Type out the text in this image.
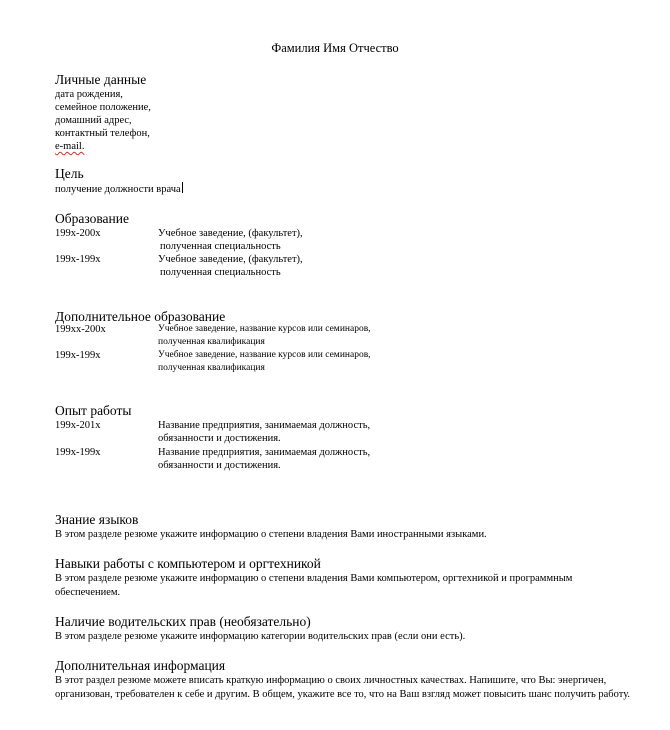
Фамилия Имя Отчество
Личные данные
дата рождения,
семейное положение,
домашний адрес,
контактный телефон,
e-mail.
Цель
получение должности врача
Образование
199х-200х	Учебное заведение, (факультет),
полученная специальность
199х-199х	Учебное заведение, (факультет),
полученная специальность
Дополнительное образование
199хх-200х	Учебное заведение, название курсов или семинаров,
полученная квалификация
199х-199х	Учебное заведение, название курсов или семинаров,
полученная квалификация
Опыт работы
199х-201х	Название предприятия, занимаемая должность,
обязанности и достижения.
199х-199х	Название предприятия, занимаемая должность,
обязанности и достижения.
Знание языков
В этом разделе резюме укажите информацию о степени владения Вами иностранными языками.
Навыки работы с компьютером и оргтехникой
В этом разделе резюме укажите информацию о степени владения Вами компьютером, оргтехникой и программным обеспечением.
Наличие водительских прав (необязательно)
В этом разделе резюме укажите информацию категории водительских прав (если они есть).
Дополнительная информация
В этот раздел резюме можете вписать краткую информацию о своих личностных качествах. Напишите, что Вы: энергичен, организован, требователен к себе и другим. В общем, укажите все то, что на Ваш взгляд может повысить шанс получить работу.
